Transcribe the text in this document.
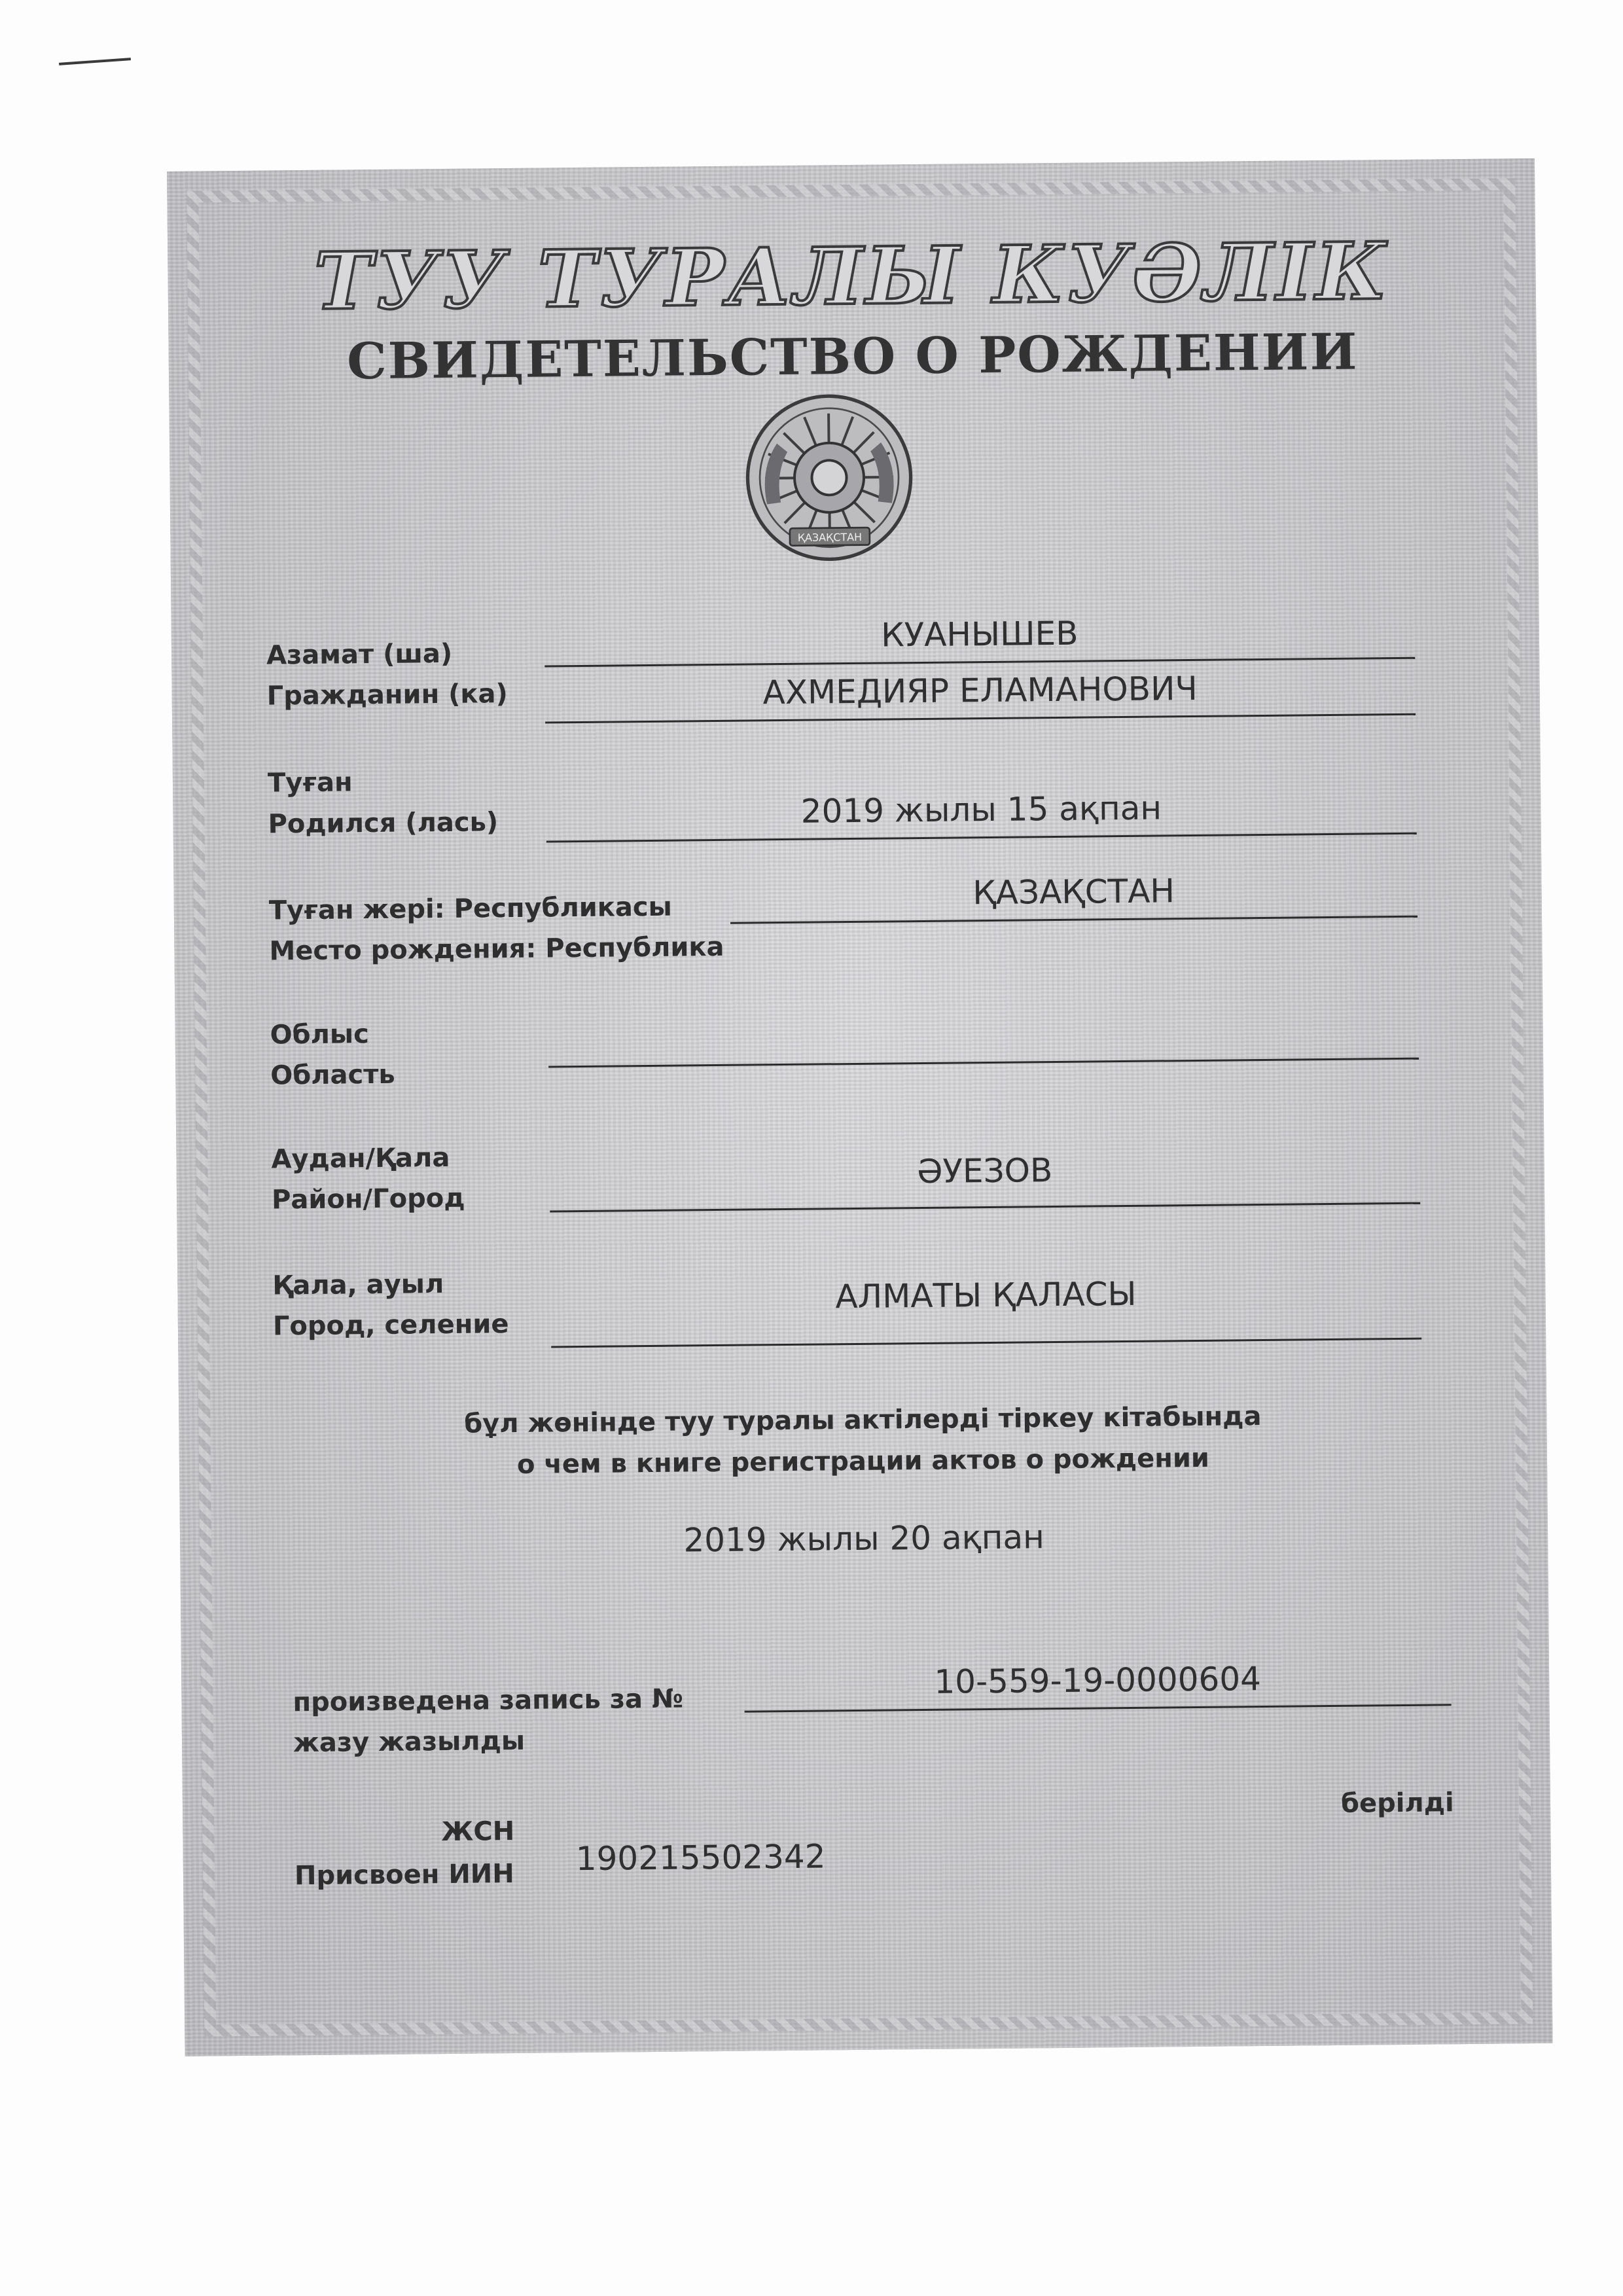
ТУУ ТУРАЛЫ КУӘЛІК
СВИДЕТЕЛЬСТВО О РОЖДЕНИИ
ҚАЗАҚСТАН
Азамат (ша)
Гражданин (ка)
КУАНЫШЕВ
АХМЕДИЯР ЕЛАМАНОВИЧ
Туған
Родился (лась)	2019 жылы 15 ақпан
Туған жері: Республикасы
Место рождения: Республика
ҚАЗАҚСТАН
Облыс
Область
Аудан/Қала
Район/Город
ӘУЕЗОВ
Қала, ауыл
Город, селение
АЛМАТЫ ҚАЛАСЫ
бұл жөнінде туу туралы актілерді тіркеу кітабында
о чем в книге регистрации актов о рождении
2019 жылы 20 ақпан
произведена запись за №
жазу жазылды
10-559-19-0000604
ЖСН
Присвоен ИИН 190215502342
берілді
